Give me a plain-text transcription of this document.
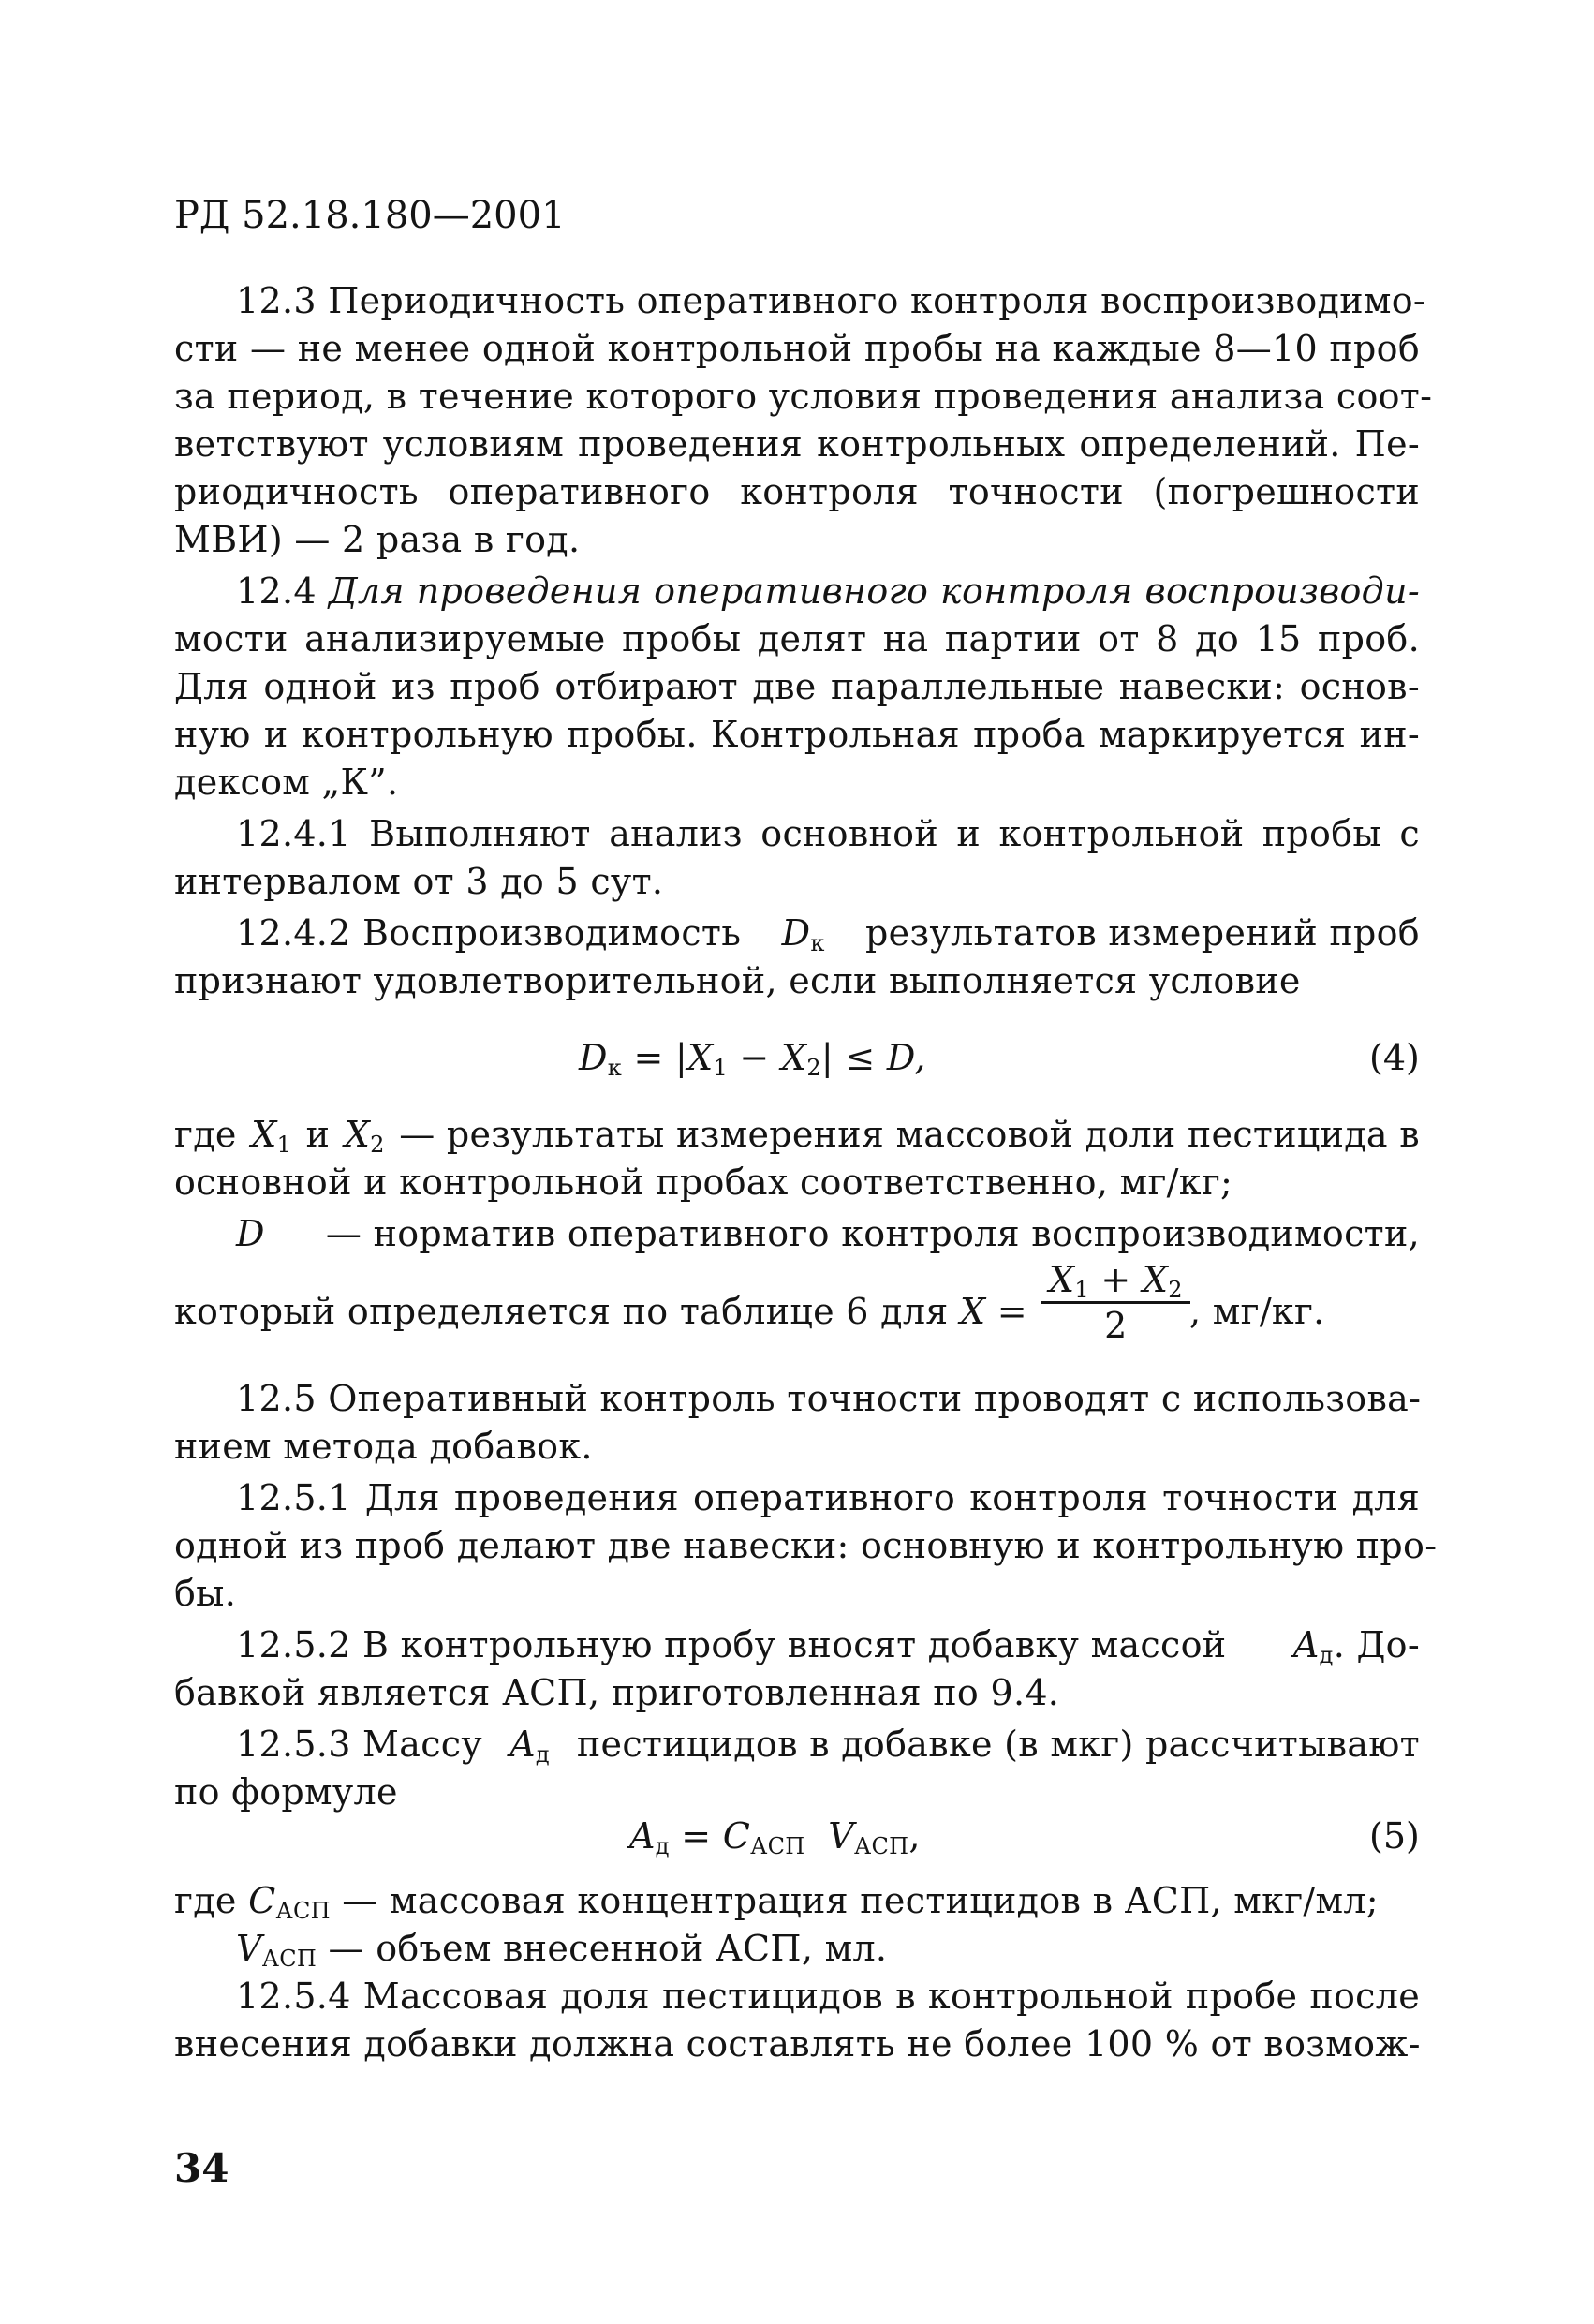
РД 52.18.180—2001
12.3 Периодичность оперативного контроля воспроизводимо-
сти — не менее одной контрольной пробы на каждые 8—10 проб
за период, в течение которого условия проведения анализа соот-
ветствуют условиям проведения контрольных определений. Пе-
риодичность оперативного контроля точности (погрешности
МВИ) — 2 раза в год.
12.4 Для проведения оперативного контроля воспроизводи-
мости анализируемые пробы делят на партии от 8 до 15 проб.
Для одной из проб отбирают две параллельные навески: основ-
ную и контрольную пробы. Контрольная проба маркируется ин-
дексом „К”.
12.4.1 Выполняют анализ основной и контрольной пробы с
интервалом от 3 до 5 сут.
12.4.2 Воспроизводимость $D_к$ результатов измерений проб
признают удовлетворительной, если выполняется условие
$D_к = |X_1 - X_2| \le D$,	(4)
где $X_1$ и $X_2$ — результаты измерения массовой доли пестицида в
основной и контрольной пробах соответственно, мг/кг;
D — норматив оперативного контроля воспроизводимости,
который определяется по таблице 6 для $X = \frac{X_1 + X_2}{2}$ , мг/кг.
12.5 Оперативный контроль точности проводят с использова-
нием метода добавок.
12.5.1 Для проведения оперативного контроля точности для
одной из проб делают две навески: основную и контрольную про-
бы.
12.5.2 В контрольную пробу вносят добавку массой $A_д$. До-
бавкой является АСП, приготовленная по 9.4.
12.5.3 Массу $A_д$ пестицидов в добавке (в мкг) рассчитывают
по формуле
$A_д = C_{АСП}$ $V_{АСП}$,	(5)
где $C_{АСП}$ — массовая концентрация пестицидов в АСП, мкг/мл;
$V_{АСП}$ — объем внесенной АСП, мл.
12.5.4 Массовая доля пестицидов в контрольной пробе после
внесения добавки должна составлять не более 100 % от возмож-
34
